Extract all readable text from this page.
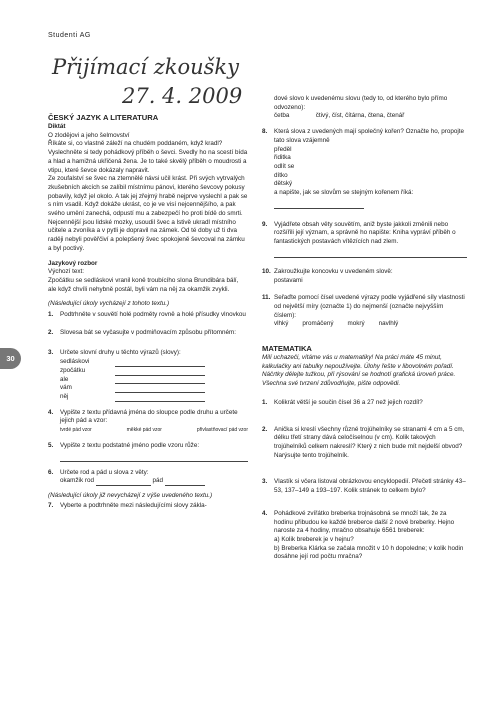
Studenti AG
30
Přijímací zkoušky
27. 4. 2009
ČESKÝ JAZYK A LITERATURA

Diktát

O zlodějovi a jeho šelmovství

Říkáte si, co vlastně záleží na chudém poddaném, když kradl? Vyslechněte si tedy pohádkový příběh o ševci. Svedly ho na scestí bída a hlad a hamižná ukřičená žena. Je to také skvělý příběh o moudrosti a vtipu, které ševce dokázaly napravit.

Ze zoufalství se švec na ztemnělé návsi učil krást. Při svých vytrvalých zkušebních akcích se zalíbil místnímu pánovi, kterého ševcovy pokusy pobavily, když jel okolo. A tak jej zřejmý hrabě nejprve vyslechl a pak se s ním vsadil. Když dokáže ukrást, co je ve visí nejcennějšího, a pak svého umění zanechá, odpustí mu a zabezpečí ho proti bídě do smrti.

Nejcennější jsou lidské mozky, usoudil švec a lstivě ukradl místního učitele a zvoníka a v pytli je dopravil na zámek. Od té doby už ti dva raději nebyli pověřčiví a polepšený švec spokojeně ševcoval na zámku a byl poctivý.

Jazykový rozbor

Výchozí text:

Zpočátku se sedláskovi vranil koně troubícího slona Brundibára bálí, ale když chvíli nehybně postál, byli vám na něj za okamžik zvykli.

(Následující úkoly vycházejí z tohoto textu.)

1.	Podtrhněte v souvětí holé podměty rovně a holé přísudky vlnovkou
2.	Slovesa bát se vyčasujte v podmiňovacím způsobu přítomném:
3.	Určete slovní druhy u těchto výrazů (slovy):
sedláskovi
zpočátku
ale
vám
něj
4.	Vypište z textu přídavná jména do sloupce podle druhu a určete jejich pád a vzor:
tvrdé pád vzor	měkké pád vzor	přivlastňovací pád vzor
5.	Vypište z textu podstatné jméno podle vzoru růže:
6.	Určete rod a pád u slova z věty:
okamžik rod	pád

(Následující úkoly již nevycházejí z výše uvedeného textu.)

7.	Vyberte a podtrhněte mezi následujícími slovy zákla-
dové slovo k uvedenému slovu (tedy to, od kterého bylo přímo odvozeno):
četba	čtivý, číst, čítárna, čtena, čtenář
8.	Která slova z uvedených mají společný kořen? Označte ho, propojte tato slova vzájemně
předěl
řiditka
odlít se
dítko
dětský
a napište, jak se slovům se stejným kořenem říká:
9.	Vyjádřete obsah věty souvětím, aniž byste jakkoli změnili nebo rozšířili její význam, a správně ho napište: Kniha vypráví příběh o fantastických postavách vítězících nad zlem.
10. Zakroužkujte koncovku v uvedeném slově:
postavami
11. Seřaďte pomocí čísel uvedené výrazy podle vyjádřené síly vlastnosti od největší míry (označte 1) do nejmenší (označte nejvyšším číslem):
vlhký promáčený mokrý navlhlý
MATEMATIKA

Milí uchazeči, vítáme vás u matematiky! Na práci máte 45 minut, kalkulačky ani tabulky nepoužívejte. Úlohy řešte v libovolném pořadí. Náčrtky dělejte tužkou, při rýsování se hodnotí grafická úroveň práce. Všechna své tvrzení zdůvodňujte, pište odpovědi.

1.	Kolikrát větší je součin čísel 36 a 27 než jejich rozdíl?
2.	Anička si kreslí všechny různé trojúhelníky se stranami 4 cm a 5 cm, délku třetí strany dává celočíselnou (v cm). Kolik takových trojúhelníků celkem nakreslí? Který z nich bude mít nejdelší obvod? Narýsujte tento trojúhelník.
3.	Vlastík si včera listoval obrázkovou encyklopedií. Přečetl stránky 43–53, 137–149 a 193–197. Kolik stránek to celkem bylo?
4.	Pohádkové zvířátko breberka trojnásobná se množí tak, že za hodinu přibudou ke každé breberce další 2 nové breberky. Hejno narostе za 4 hodiny, mračno obsahuje 6561 breberek:
a) Kolik breberek je v hejnu?
b) Breberka Klárka se začala množit v 10 h dopoledne; v kolik hodin dosáhne její rod počtu mračna?
